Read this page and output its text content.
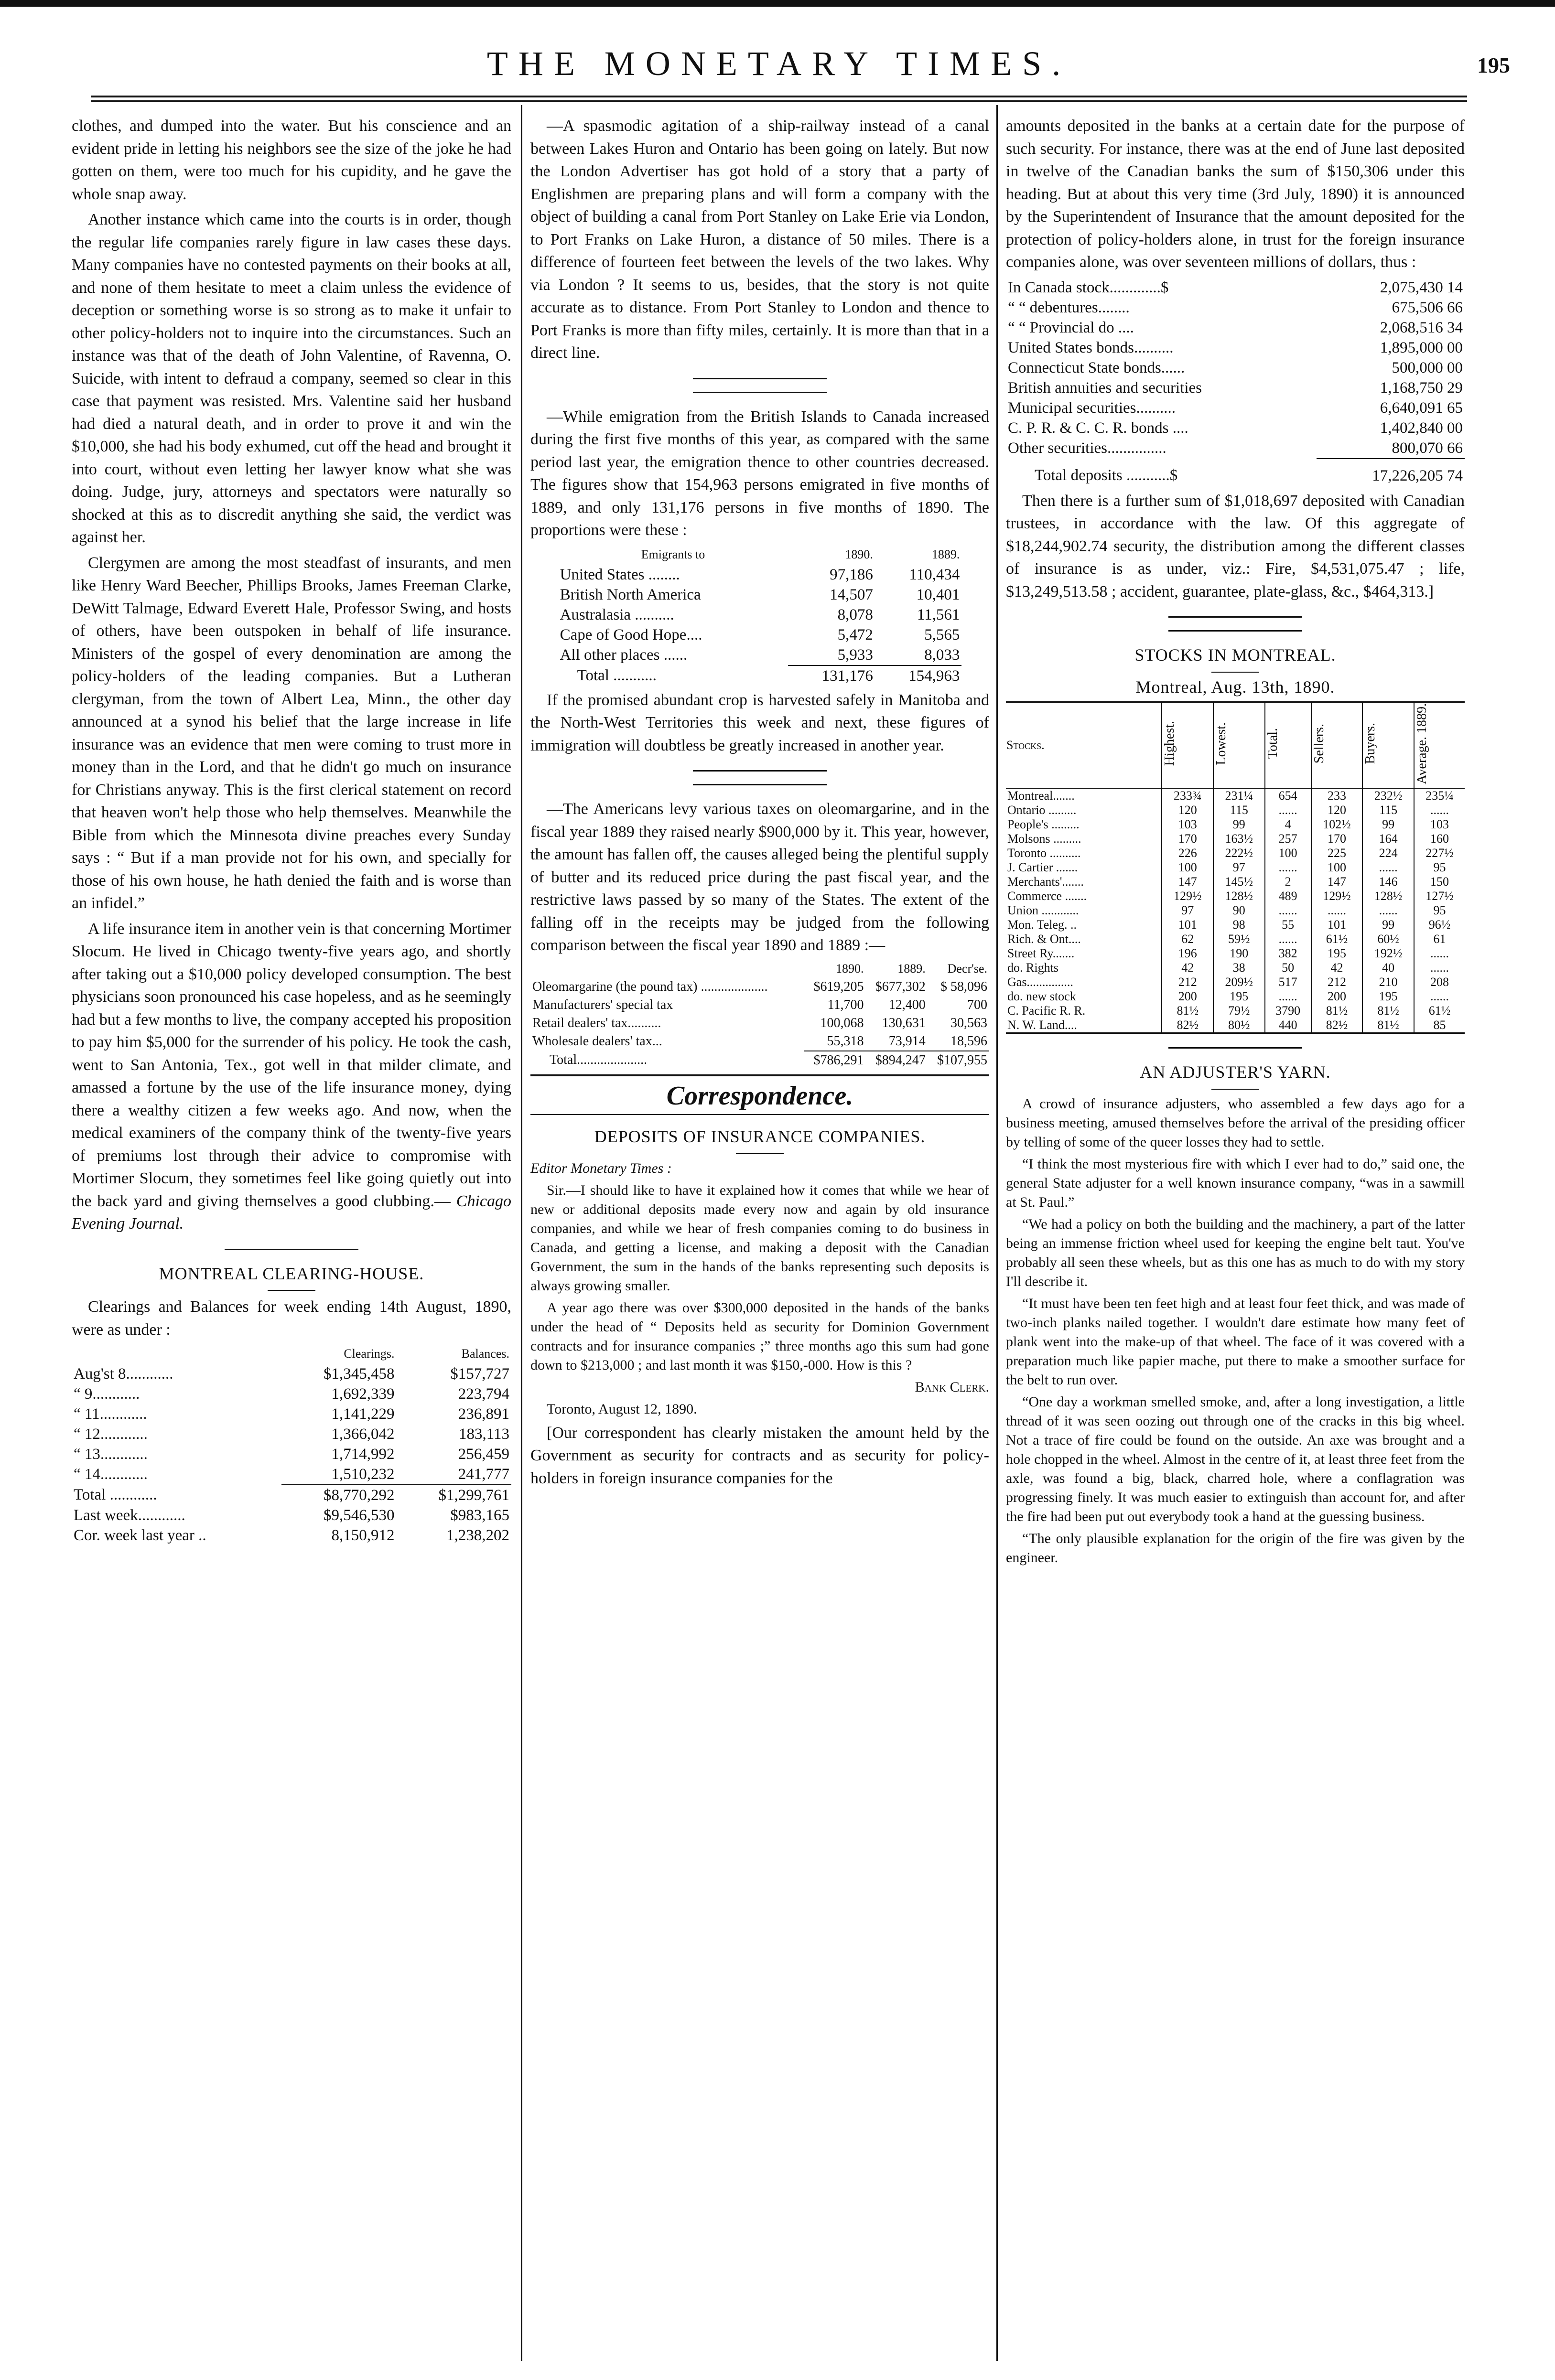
THE MONETARY TIMES.	195

clothes, and dumped into the water. But his conscience and an evident pride in letting his neighbors see the size of the joke he had gotten on them, were too much for his cupidity, and he gave the whole snap away.

Another instance which came into the courts is in order, though the regular life companies rarely figure in law cases these days. Many companies have no contested payments on their books at all, and none of them hesitate to meet a claim unless the evidence of deception or something worse is so strong as to make it unfair to other policy-holders not to inquire into the circumstances. Such an instance was that of the death of John Valentine, of Ravenna, O. Suicide, with intent to defraud a company, seemed so clear in this case that payment was resisted. Mrs. Valentine said her husband had died a natural death, and in order to prove it and win the $10,000, she had his body exhumed, cut off the head and brought it into court, without even letting her lawyer know what she was doing. Judge, jury, attorneys and spectators were naturally so shocked at this as to discredit anything she said, the verdict was against her.

Clergymen are among the most steadfast of insurants, and men like Henry Ward Beecher, Phillips Brooks, James Freeman Clarke, DeWitt Talmage, Edward Everett Hale, Professor Swing, and hosts of others, have been outspoken in behalf of life insurance. Ministers of the gospel of every denomination are among the policy-holders of the leading companies. But a Lutheran clergyman, from the town of Albert Lea, Minn., the other day announced at a synod his belief that the large increase in life insurance was an evidence that men were coming to trust more in money than in the Lord, and that he didn't go much on insurance for Christians anyway. This is the first clerical statement on record that heaven won't help those who help themselves. Meanwhile the Bible from which the Minnesota divine preaches every Sunday says : “ But if a man provide not for his own, and specially for those of his own house, he hath denied the faith and is worse than an infidel.”

A life insurance item in another vein is that concerning Mortimer Slocum. He lived in Chicago twenty-five years ago, and shortly after taking out a $10,000 policy developed consumption. The best physicians soon pronounced his case hopeless, and as he seemingly had but a few months to live, the company accepted his proposition to pay him $5,000 for the surrender of his policy. He took the cash, went to San Antonia, Tex., got well in that milder climate, and amassed a fortune by the use of the life insurance money, dying there a wealthy citizen a few weeks ago. And now, when the medical examiners of the company think of the twenty-five years of premiums lost through their advice to compromise with Mortimer Slocum, they sometimes feel like going quietly out into the back yard and giving themselves a good clubbing.— Chicago Evening Journal.

MONTREAL CLEARING-HOUSE.

Clearings and Balances for week ending 14th August, 1890, were as under :

	Clearings.	Balances.
Aug'st 8............	$1,345,458	$157,727
“ 9............	1,692,339	223,794
“ 11............	1,141,229	236,891
“ 12............	1,366,042	183,113
“ 13............	1,714,992	256,459
“ 14............	1,510,232	241,777
Total ............	$8,770,292	$1,299,761
Last week............	$9,546,530	$983,165
Cor. week last year ..	8,150,912	1,238,202

—A spasmodic agitation of a ship-railway instead of a canal between Lakes Huron and Ontario has been going on lately. But now the London Advertiser has got hold of a story that a party of Englishmen are preparing plans and will form a company with the object of building a canal from Port Stanley on Lake Erie via London, to Port Franks on Lake Huron, a distance of 50 miles. There is a difference of fourteen feet between the levels of the two lakes. Why via London ? It seems to us, besides, that the story is not quite accurate as to distance. From Port Stanley to London and thence to Port Franks is more than fifty miles, certainly. It is more than that in a direct line.

—While emigration from the British Islands to Canada increased during the first five months of this year, as compared with the same period last year, the emigration thence to other countries decreased. The figures show that 154,963 persons emigrated in five months of 1889, and only 131,176 persons in five months of 1890. The proportions were these :

Emigrants to	1890.	1889.
United States ........	97,186	110,434
British North America	14,507	10,401
Australasia ..........	8,078	11,561
Cape of Good Hope....	5,472	5,565
All other places ......	5,933	8,033
Total ...........	131,176	154,963

If the promised abundant crop is harvested safely in Manitoba and the North-West Territories this week and next, these figures of immigration will doubtless be greatly increased in another year.

—The Americans levy various taxes on oleomargarine, and in the fiscal year 1889 they raised nearly $900,000 by it. This year, however, the amount has fallen off, the causes alleged being the plentiful supply of butter and its reduced price during the past fiscal year, and the restrictive laws passed by so many of the States. The extent of the falling off in the receipts may be judged from the following comparison between the fiscal year 1890 and 1889 :—

	1890.	1889.	Decr'se.
Oleomargarine (the pound tax) ....................	$619,205	$677,302	$ 58,096
Manufacturers' special tax	11,700	12,400	700
Retail dealers' tax..........	100,068	130,631	30,563
Wholesale dealers' tax...	55,318	73,914	18,596
Total.....................	$786,291	$894,247	$107,955
Correspondence.
DEPOSITS OF INSURANCE COMPANIES.

Editor Monetary Times :

Sir.—I should like to have it explained how it comes that while we hear of new or additional deposits made every now and again by old insurance companies, and while we hear of fresh companies coming to do business in Canada, and getting a license, and making a deposit with the Canadian Government, the sum in the hands of the banks representing such deposits is always growing smaller.

A year ago there was over $300,000 deposited in the hands of the banks under the head of “ Deposits held as security for Dominion Government contracts and for insurance companies ;” three months ago this sum had gone down to $213,000 ; and last month it was $150,-000. How is this ?

Bank Clerk.

Toronto, August 12, 1890.

[Our correspondent has clearly mistaken the amount held by the Government as security for contracts and as security for policy-holders in foreign insurance companies for the

amounts deposited in the banks at a certain date for the purpose of such security. For instance, there was at the end of June last deposited in twelve of the Canadian banks the sum of $150,306 under this heading. But at about this very time (3rd July, 1890) it is announced by the Superintendent of Insurance that the amount deposited for the protection of policy-holders alone, in trust for the foreign insurance companies alone, was over seventeen millions of dollars, thus :

In Canada stock.............$	2,075,430 14
“ “ debentures........	675,506 66
“ “ Provincial do ....	2,068,516 34
United States bonds..........	1,895,000 00
Connecticut State bonds......	500,000 00
British annuities and securities	1,168,750 29
Municipal securities..........	6,640,091 65
C. P. R. & C. C. R. bonds ....	1,402,840 00
Other securities...............	800,070 66
Total deposits ...........$	17,226,205 74

Then there is a further sum of $1,018,697 deposited with Canadian trustees, in accordance with the law. Of this aggregate of $18,244,902.74 security, the distribution among the different classes of insurance is as under, viz.: Fire, $4,531,075.47 ; life, $13,249,513.58 ; accident, guarantee, plate-glass, &c., $464,313.]

STOCKS IN MONTREAL.
Montreal, Aug. 13th, 1890.
Stocks.	Highest.	Lowest.	Total.	Sellers.	Buyers.	Average. 1889.
Montreal.......	233¾	231¼	654	233	232½	235¼
Ontario .........	120	115	......	120	115	......
People's .........	103	99	4	102½	99	103
Molsons .........	170	163½	257	170	164	160
Toronto ..........	226	222½	100	225	224	227½
J. Cartier .......	100	97	......	100	......	95
Merchants'.......	147	145½	2	147	146	150
Commerce .......	129½	128½	489	129½	128½	127½
Union ............	97	90	......	......	......	95
Mon. Teleg. ..	101	98	55	101	99	96½
Rich. & Ont....	62	59½	......	61½	60½	61
Street Ry.......	196	190	382	195	192½	......
do. Rights	42	38	50	42	40	......
Gas...............	212	209½	517	212	210	208
do. new stock	200	195	......	200	195	......
C. Pacific R. R.	81½	79½	3790	81½	81½	61½
N. W. Land....	82½	80½	440	82½	81½	85
AN ADJUSTER'S YARN.

A crowd of insurance adjusters, who assembled a few days ago for a business meeting, amused themselves before the arrival of the presiding officer by telling of some of the queer losses they had to settle.

“I think the most mysterious fire with which I ever had to do,” said one, the general State adjuster for a well known insurance company, “was in a sawmill at St. Paul.”

“We had a policy on both the building and the machinery, a part of the latter being an immense friction wheel used for keeping the engine belt taut. You've probably all seen these wheels, but as this one has as much to do with my story I'll describe it.

“It must have been ten feet high and at least four feet thick, and was made of two-inch planks nailed together. I wouldn't dare estimate how many feet of plank went into the make-up of that wheel. The face of it was covered with a preparation much like papier mache, put there to make a smoother surface for the belt to run over.

“One day a workman smelled smoke, and, after a long investigation, a little thread of it was seen oozing out through one of the cracks in this big wheel. Not a trace of fire could be found on the outside. An axe was brought and a hole chopped in the wheel. Almost in the centre of it, at least three feet from the axle, was found a big, black, charred hole, where a conflagration was progressing finely. It was much easier to extinguish than account for, and after the fire had been put out everybody took a hand at the guessing business.

“The only plausible explanation for the origin of the fire was given by the engineer.
